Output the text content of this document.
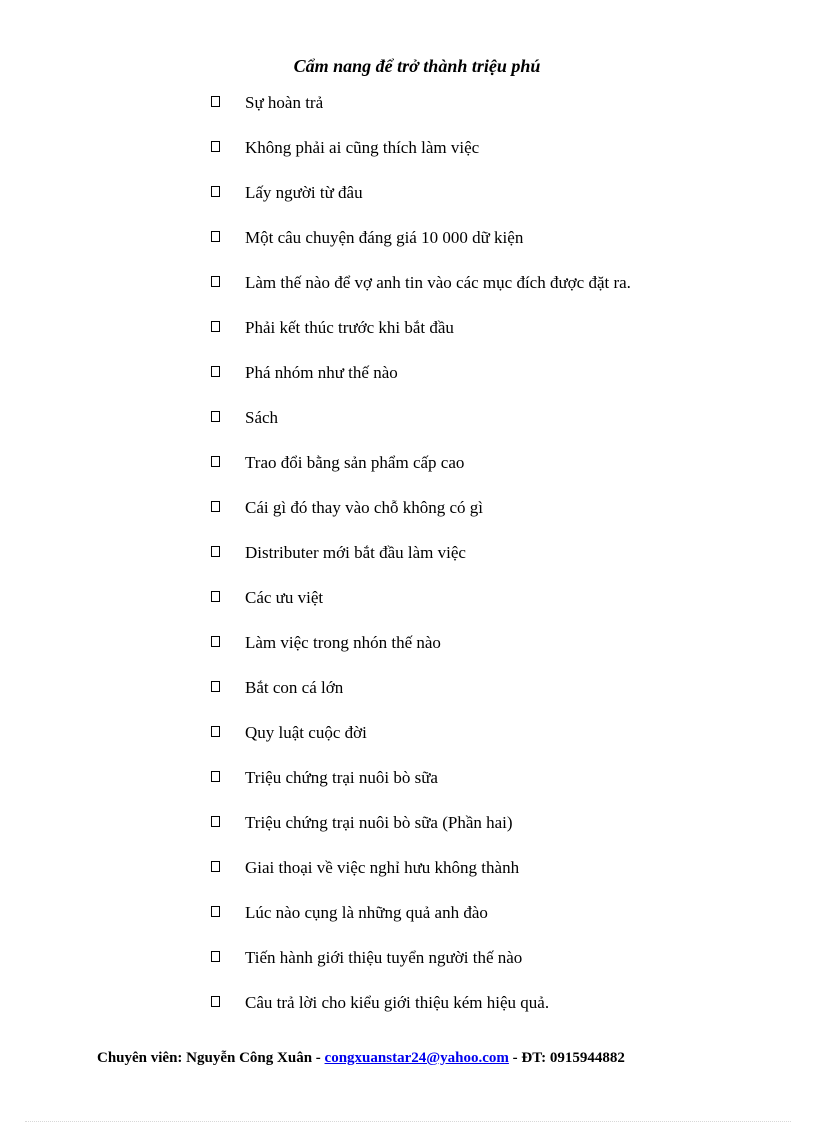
Cẩm nang để trở thành triệu phú
Sự hoàn trả
Không phải ai cũng thích làm việc
Lấy người từ đâu
Một câu chuyện đáng giá 10 000 dữ kiện
Làm thế nào để vợ anh tin vào các mục đích được đặt ra.
Phải kết thúc trước khi bắt đầu
Phá nhóm như thế nào
Sách
Trao đổi bằng sản phẩm cấp cao
Cái gì đó thay vào chỗ không có gì
Distributer mới bắt đầu làm việc
Các ưu việt
Làm việc trong nhón thế nào
Bắt con cá lớn
Quy luật cuộc đời
Triệu chứng trại nuôi bò sữa
Triệu chứng trại nuôi bò sữa (Phần hai)
Giai thoại về việc nghỉ hưu không thành
Lúc nào cụng là những quả anh đào
Tiến hành giới thiệu tuyển người thế nào
Câu trả lời cho kiểu giới thiệu kém hiệu quả.
Chuyên viên: Nguyễn Công Xuân - congxuanstar24@yahoo.com - ĐT: 0915944882
